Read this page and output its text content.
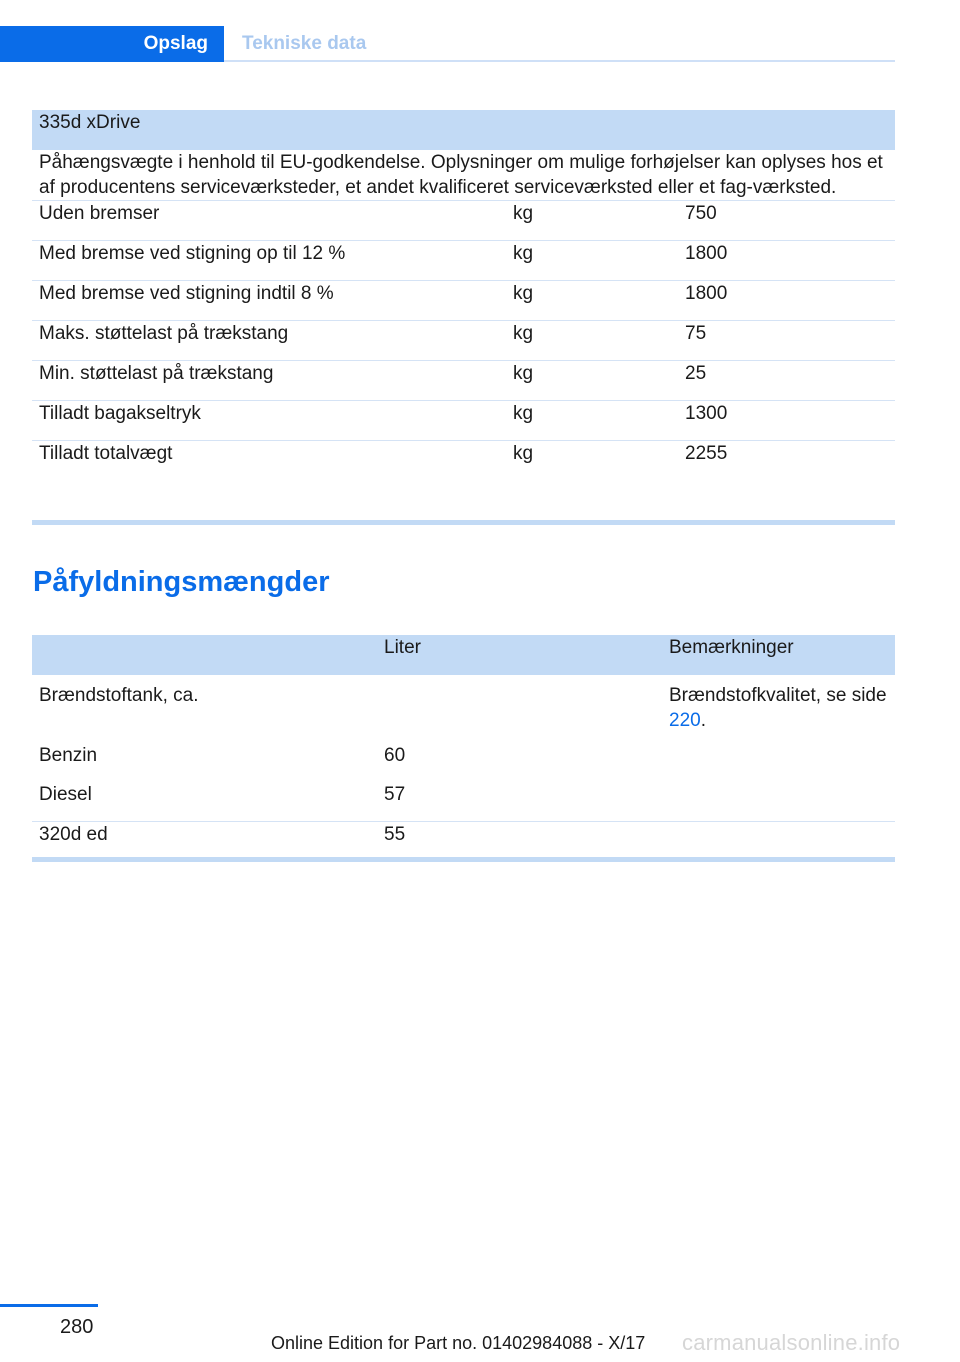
Opslag	Tekniske data
335d xDrive		
Påhængsvægte i henhold til EU-godkendelse. Oplysninger om mulige forhøjelser kan oplyses hos et af producentens serviceværksteder, et andet kvalificeret serviceværksted eller et fag-værksted.		
Uden bremser	kg	750
Med bremse ved stigning op til 12 %	kg	1800
Med bremse ved stigning indtil 8 %	kg	1800
Maks. støttelast på trækstang	kg	75
Min. støttelast på trækstang	kg	25
Tilladt bagakseltryk	kg	1300
Tilladt totalvægt	kg	2255
Påfyldningsmængder
	Liter	Bemærkninger
Brændstoftank, ca.		Brændstofkvalitet, se side 220.
Benzin	60	
Diesel	57	
320d ed	55	
280
Online Edition for Part no. 01402984088 - X/17 carmanualsonline.info
